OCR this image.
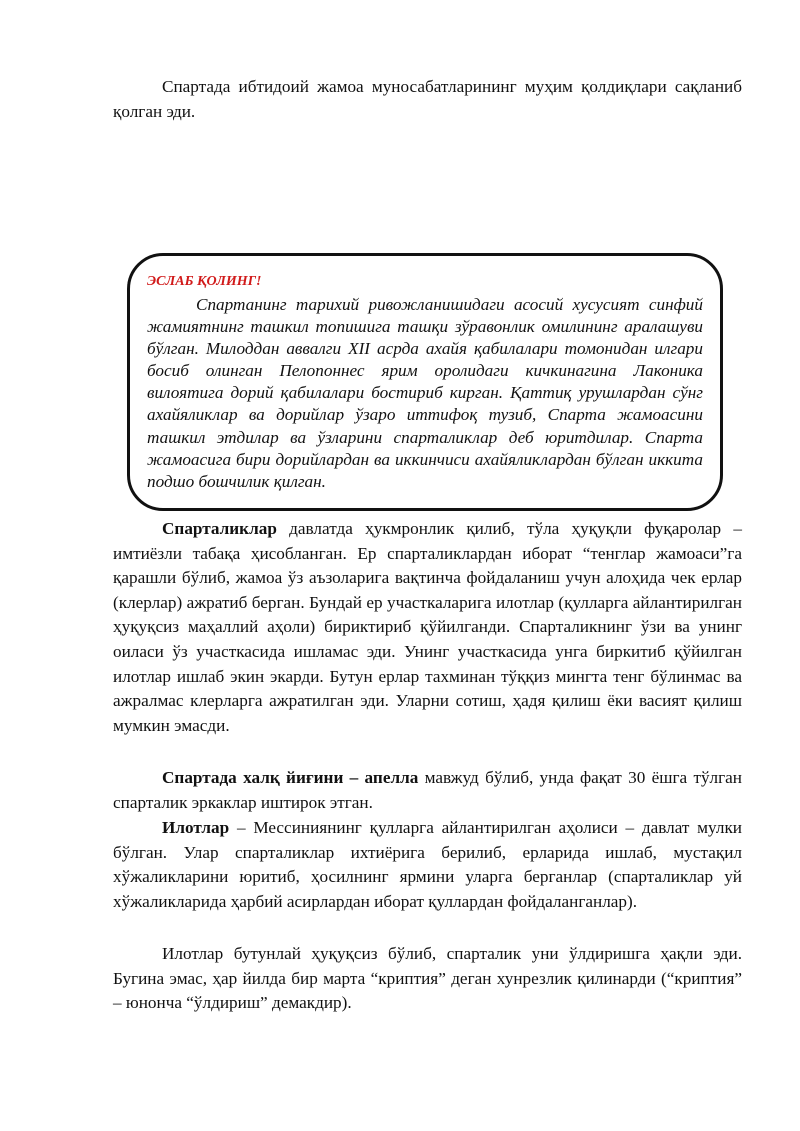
Спартада ибтидоий жамоа муносабатларининг муҳим қолдиқлари сақланиб қолган эди.

ЭСЛАБ ҚОЛИНГ!

Спартанинг тарихий ривожланишидаги асосий хусусият синфий жамиятнинг ташкил топишига ташқи зўравонлик омилининг аралашуви бўлган. Милоддан аввалги XII асрда ахайя қабилалари томонидан илгари босиб олинган Пелопоннес ярим оролидаги кичкинагина Лаконика вилоятига дорий қабилалари бостириб кирган. Қаттиқ урушлардан сўнг ахайяликлар ва дорийлар ўзаро иттифоқ тузиб, Спарта жамоасини ташкил этдилар ва ўзларини спарталиклар деб юритдилар. Спарта жамоасига бири дорийлардан ва иккинчиси ахайяликлардан бўлган иккита подшо бошчилик қилган.

Спарталиклар давлатда ҳукмронлик қилиб, тўла ҳуқуқли фуқаролар – имтиёзли табақа ҳисобланган. Ер спарталиклардан иборат “тенглар жамоаси”га қарашли бўлиб, жамоа ўз аъзоларига вақтинча фойдаланиш учун алоҳида чек ерлар (клерлар) ажратиб берган. Бундай ер участкаларига илотлар (қулларга айлантирилган ҳуқуқсиз маҳаллий аҳоли) бириктириб қўйилганди. Спарталикнинг ўзи ва унинг оиласи ўз участкасида ишламас эди. Унинг участкасида унга биркитиб қўйилган илотлар ишлаб экин экарди. Бутун ерлар тахминан тўққиз мингта тенг бўлинмас ва ажралмас клерларга ажратилган эди. Уларни сотиш, ҳадя қилиш ёки васият қилиш мумкин эмасди.

Спартада халқ йиғини – апелла мавжуд бўлиб, унда фақат 30 ёшга тўлган спарталик эркаклар иштирок этган.

Илотлар – Мессиниянинг қулларга айлантирилган аҳолиси – давлат мулки бўлган. Улар спарталиклар ихтиёрига берилиб, ерларида ишлаб, мустақил хўжаликларини юритиб, ҳосилнинг ярмини уларга берганлар (спарталиклар уй хўжаликларида ҳарбий асирлардан иборат қуллардан фойдаланганлар).

Илотлар бутунлай ҳуқуқсиз бўлиб, спарталик уни ўлдиришга ҳақли эди. Бугина эмас, ҳар йилда бир марта “криптия” деган хунрезлик қилинарди (“криптия” – юнонча “ўлдириш” демакдир).
